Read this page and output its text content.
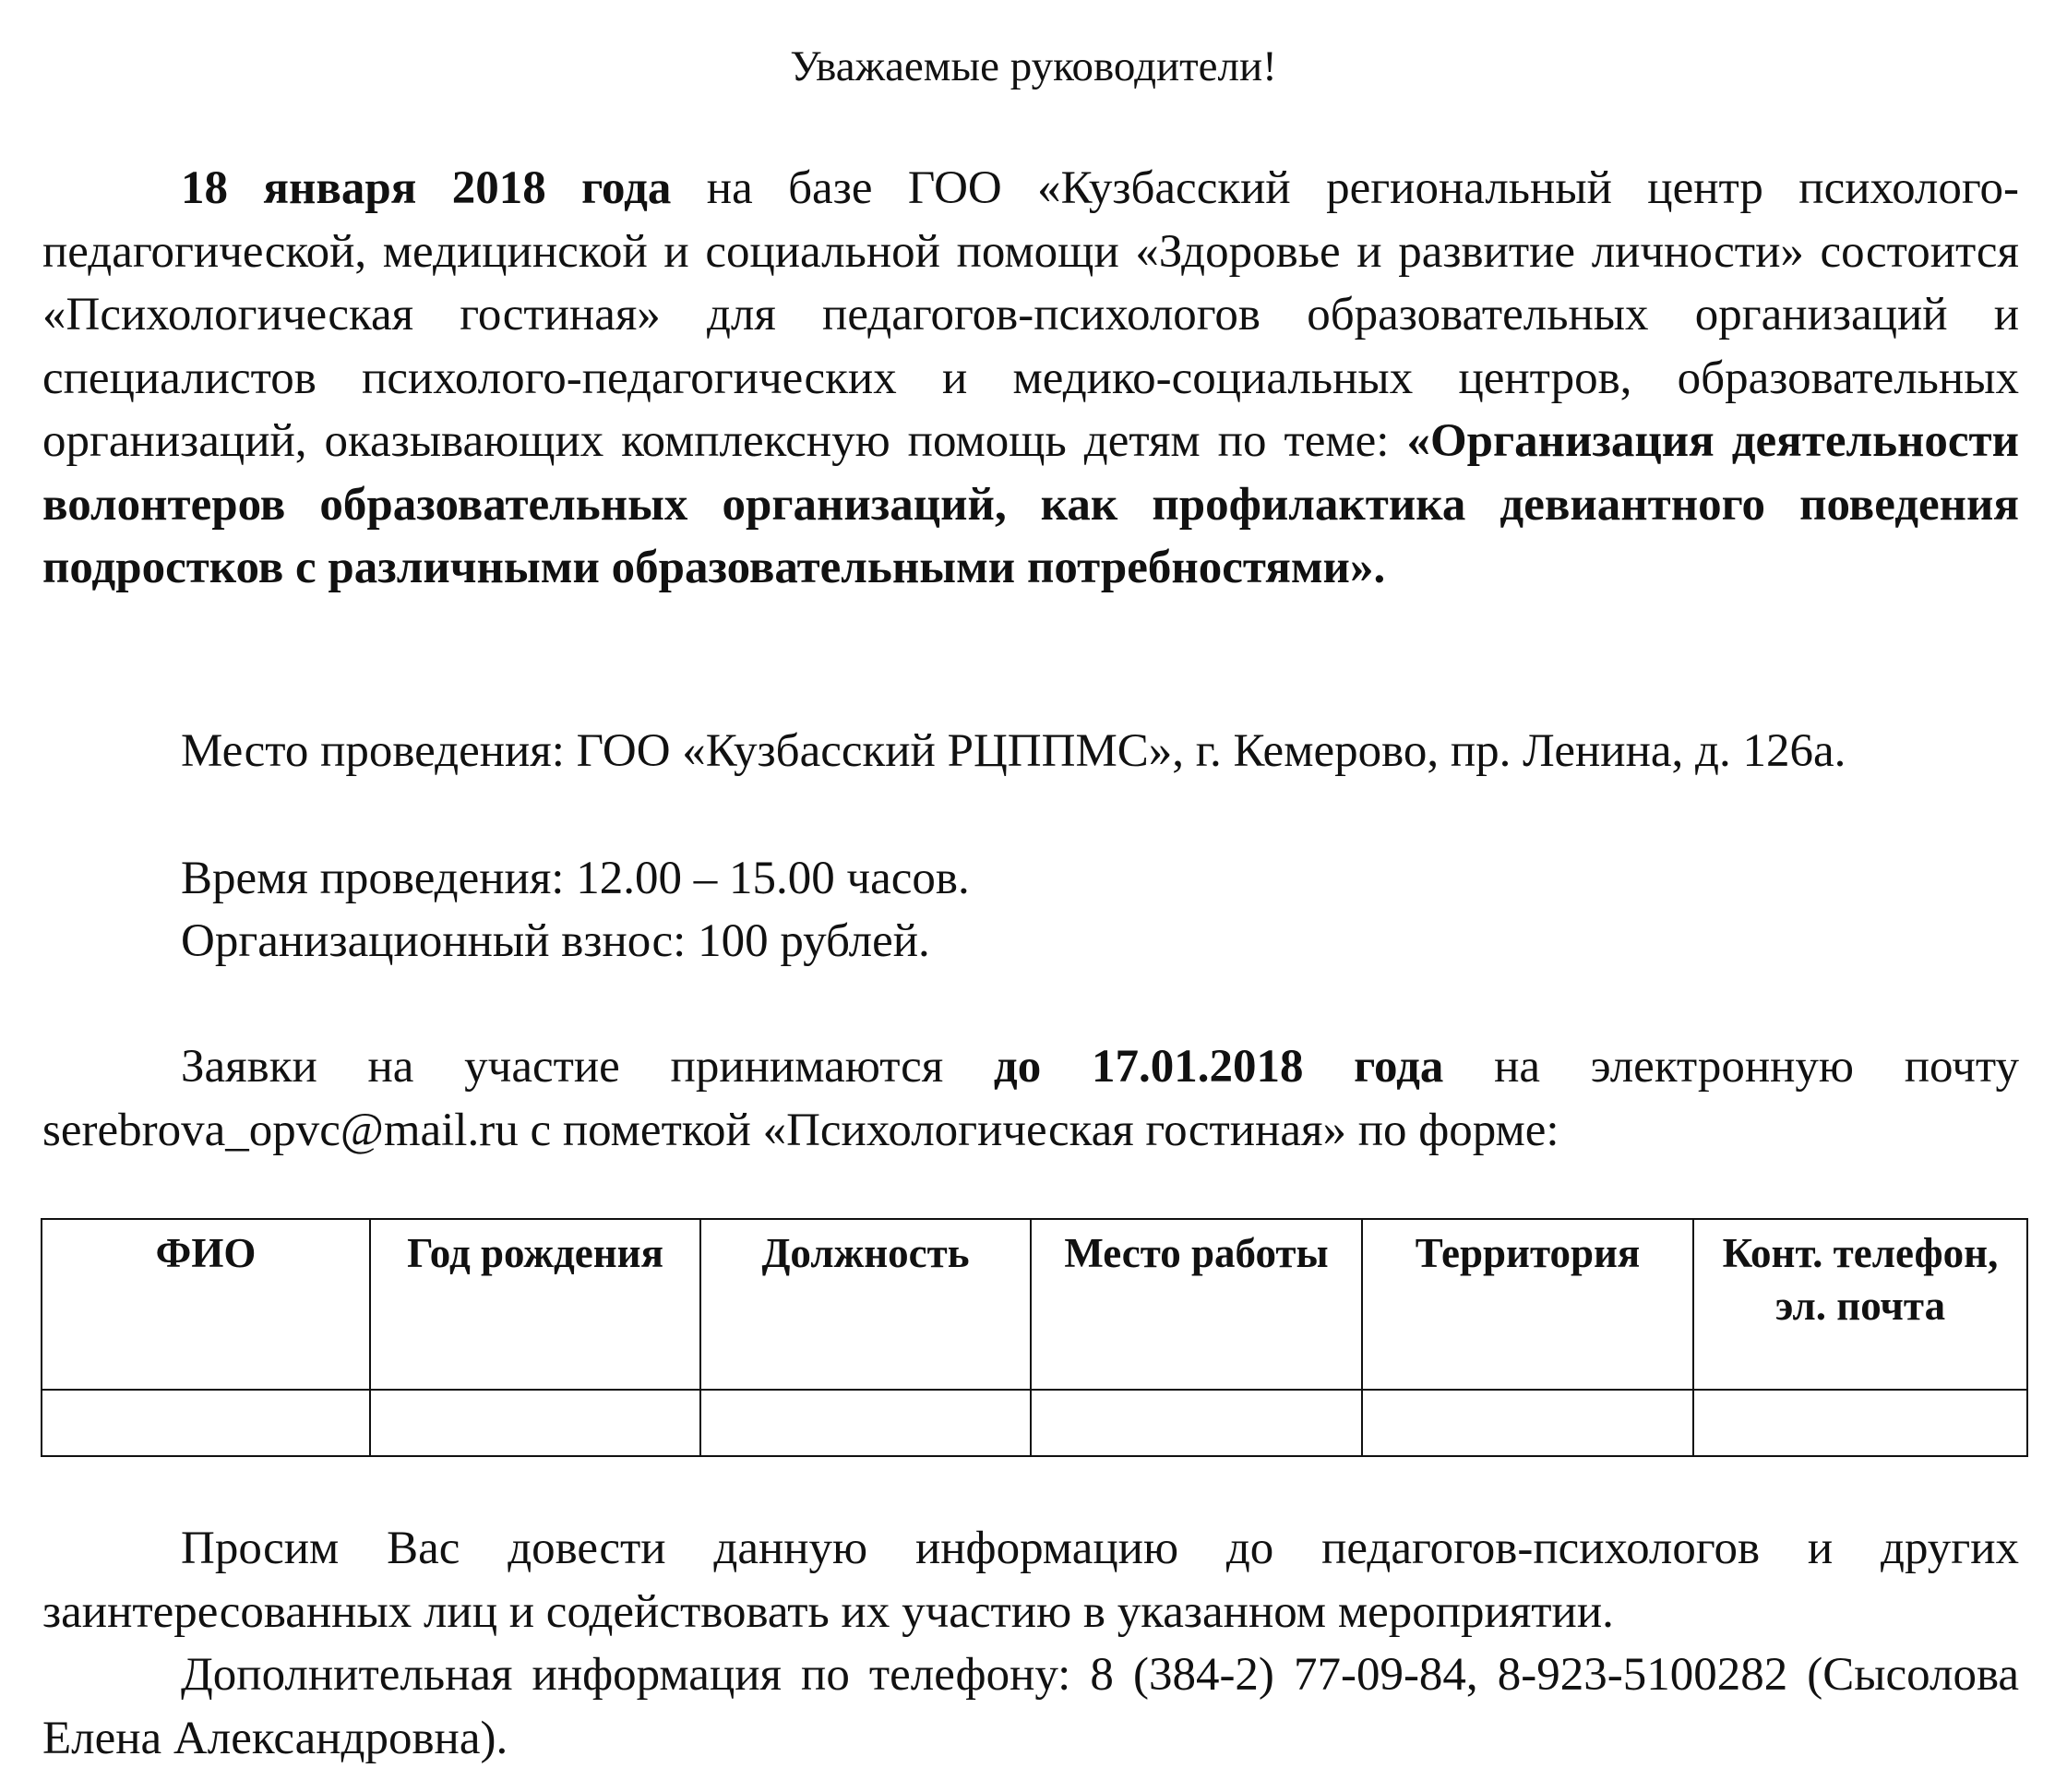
Уважаемые руководители!

18 января 2018 года на базе ГОО «Кузбасский региональный центр психолого-педагогической, медицинской и социальной помощи «Здоровье и развитие личности» состоится «Психологическая гостиная» для педагогов-психологов образовательных организаций и специалистов психолого-педагогических и медико-социальных центров, образовательных организаций, оказывающих комплексную помощь детям по теме: «Организация деятельности волонтеров образовательных организаций, как профилактика девиантного поведения подростков с различными образовательными потребностями».

Место проведения: ГОО «Кузбасский РЦППМС», г. Кемерово, пр. Ленина, д. 126а.

Время проведения: 12.00 – 15.00 часов.

Организационный взнос: 100 рублей.

Заявки на участие принимаются до 17.01.2018 года на электронную почту serebrova_opvc@mail.ru с пометкой «Психологическая гостиная» по форме:

ФИО	Год рождения	Должность	Место работы	Территория	Конт. телефон, эл. почта

Просим Вас довести данную информацию до педагогов-психологов и других заинтересованных лиц и содействовать их участию в указанном мероприятии.

Дополнительная информация по телефону: 8 (384-2) 77-09-84, 8-923-5100282 (Сысолова Елена Александровна).
